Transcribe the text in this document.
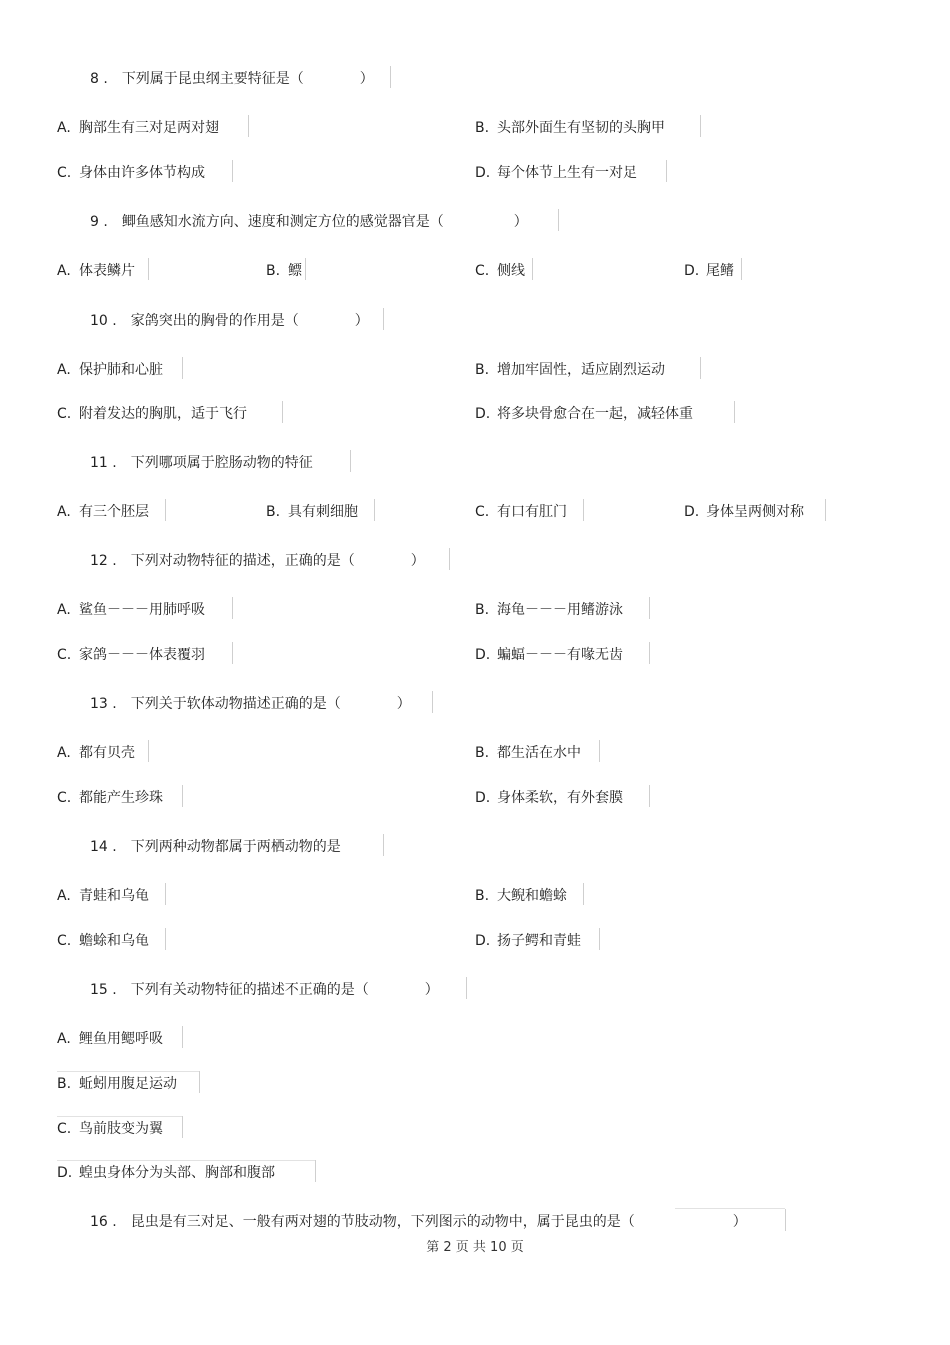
8 . 下列属于昆虫纲主要特征是（　　　　）
A. 胸部生有三对足两对翅	B. 头部外面生有坚韧的头胸甲
C. 身体由许多体节构成	D. 每个体节上生有一对足
9 . 鲫鱼感知水流方向、速度和测定方位的感觉器官是（　　　　　）
A. 体表鳞片	B. 鳔	C. 侧线	D. 尾鳍
10 . 家鸽突出的胸骨的作用是（　　　　）
A. 保护肺和心脏	B. 增加牢固性，适应剧烈运动
C. 附着发达的胸肌，适于飞行	D. 将多块骨愈合在一起，减轻体重
11 . 下列哪项属于腔肠动物的特征
A. 有三个胚层	B. 具有刺细胞	C. 有口有肛门	D. 身体呈两侧对称
12 . 下列对动物特征的描述，正确的是（　　　　）
A. 鲨鱼－－－用肺呼吸	B. 海龟－－－用鳍游泳
C. 家鸽－－－体表覆羽	D. 蝙蝠－－－有喙无齿
13 . 下列关于软体动物描述正确的是（　　　　）
A. 都有贝壳	B. 都生活在水中
C. 都能产生珍珠	D. 身体柔软，有外套膜
14 . 下列两种动物都属于两栖动物的是
A. 青蛙和乌龟	B. 大鲵和蟾蜍
C. 蟾蜍和乌龟	D. 扬子鳄和青蛙
15 . 下列有关动物特征的描述不正确的是（　　　　）
A. 鲤鱼用鳃呼吸
B. 蚯蚓用腹足运动
C. 鸟前肢变为翼
D. 蝗虫身体分为头部、胸部和腹部
16 . 昆虫是有三对足、一般有两对翅的节肢动物，下列图示的动物中，属于昆虫的是（　　　　　　　）
第 2 页 共 10 页
